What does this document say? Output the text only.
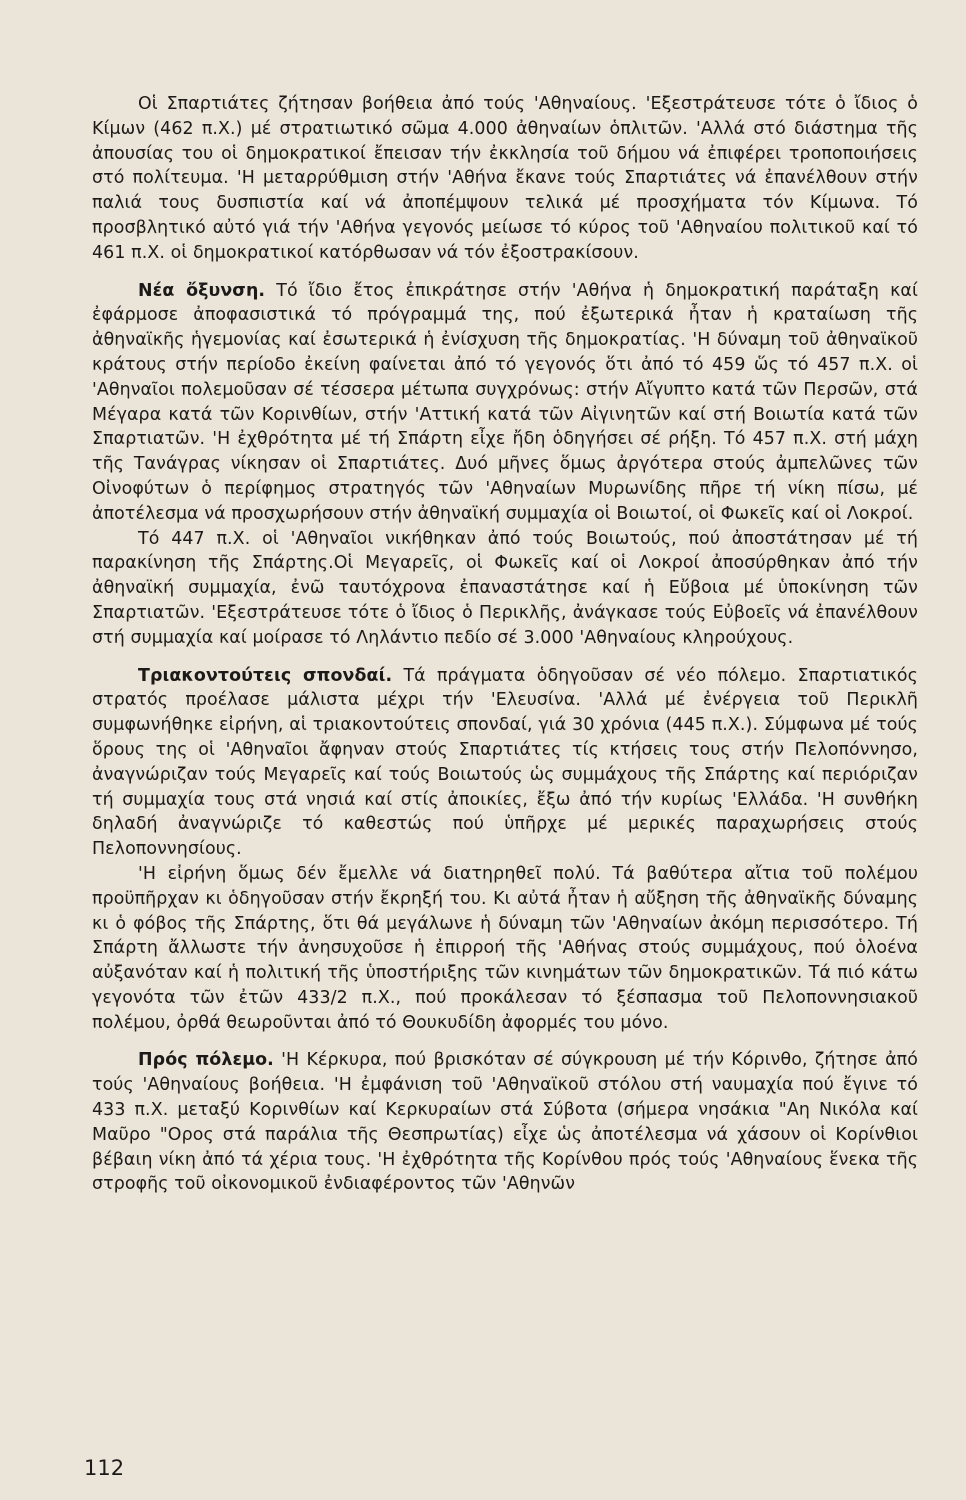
Οἱ Σπαρτιάτες ζήτησαν βοήθεια ἀπό τούς 'Αθηναίους. 'Εξεστράτευσε τότε ὁ ἴδιος ὁ Κίμων (462 π.Χ.) μέ στρατιωτικό σῶμα 4.000 ἀθηναίων ὁπλιτῶν. 'Αλλά στό διάστημα τῆς ἀπουσίας του οἱ δημοκρατικοί ἔπεισαν τήν ἐκκλησία τοῦ δήμου νά ἐπιφέρει τροποποιήσεις στό πολίτευμα. 'Η μεταρρύθμιση στήν 'Αθήνα ἔκανε τούς Σπαρτιάτες νά ἐπανέλθουν στήν παλιά τους δυσπιστία καί νά ἀποπέμψουν τελικά μέ προσχήματα τόν Κίμωνα. Τό προσβλητικό αὐτό γιά τήν 'Αθήνα γεγονός μείωσε τό κύρος τοῦ 'Αθηναίου πολιτικοῦ καί τό 461 π.Χ. οἱ δημοκρατικοί κατόρθωσαν νά τόν ἐξοστρακίσουν.

Νέα ὄξυνση. Τό ἴδιο ἔτος ἐπικράτησε στήν 'Αθήνα ἡ δημοκρατική παράταξη καί ἐφάρμοσε ἀποφασιστικά τό πρόγραμμά της, πού ἐξωτερικά ἦταν ἡ κραταίωση τῆς ἀθηναϊκῆς ἡγεμονίας καί ἐσωτερικά ἡ ἐνίσχυση τῆς δημοκρατίας. 'Η δύναμη τοῦ ἀθηναϊκοῦ κράτους στήν περίοδο ἐκείνη φαίνεται ἀπό τό γεγονός ὅτι ἀπό τό 459 ὥς τό 457 π.Χ. οἱ 'Αθηναῖοι πολεμοῦσαν σέ τέσσερα μέτωπα συγχρόνως: στήν Αἴγυπτο κατά τῶν Περσῶν, στά Μέγαρα κατά τῶν Κορινθίων, στήν 'Αττική κατά τῶν Αἰγινητῶν καί στή Βοιωτία κατά τῶν Σπαρτιατῶν. 'Η ἐχθρότητα μέ τή Σπάρτη εἶχε ἤδη ὁδηγήσει σέ ρήξη. Τό 457 π.Χ. στή μάχη τῆς Τανάγρας νίκησαν οἱ Σπαρτιάτες. Δυό μῆνες ὅμως ἀργότερα στούς ἀμπελῶνες τῶν Οἰνοφύτων ὁ περίφημος στρατηγός τῶν 'Αθηναίων Μυρωνίδης πῆρε τή νίκη πίσω, μέ ἀποτέλεσμα νά προσχωρήσουν στήν ἀθηναϊκή συμμαχία οἱ Βοιωτοί, οἱ Φωκεῖς καί οἱ Λοκροί.

Τό 447 π.Χ. οἱ 'Αθηναῖοι νικήθηκαν ἀπό τούς Βοιωτούς, πού ἀποστάτησαν μέ τή παρακίνηση τῆς Σπάρτης.Οἱ Μεγαρεῖς, οἱ Φωκεῖς καί οἱ Λοκροί ἀποσύρθηκαν ἀπό τήν ἀθηναϊκή συμμαχία, ἐνῶ ταυτόχρονα ἐπαναστάτησε καί ἡ Εὔβοια μέ ὑποκίνηση τῶν Σπαρτιατῶν. 'Εξεστράτευσε τότε ὁ ἴδιος ὁ Περικλῆς, ἀνάγκασε τούς Εὐβοεῖς νά ἐπανέλθουν στή συμμαχία καί μοίρασε τό Ληλάντιο πεδίο σέ 3.000 'Αθηναίους κληρούχους.

Τριακοντούτεις σπονδαί. Τά πράγματα ὁδηγοῦσαν σέ νέο πόλεμο. Σπαρτιατικός στρατός προέλασε μάλιστα μέχρι τήν 'Ελευσίνα. 'Αλλά μέ ἐνέργεια τοῦ Περικλῆ συμφωνήθηκε εἰρήνη, αἱ τριακοντούτεις σπονδαί, γιά 30 χρόνια (445 π.Χ.). Σύμφωνα μέ τούς ὅρους της οἱ 'Αθηναῖοι ἄφηναν στούς Σπαρτιάτες τίς κτήσεις τους στήν Πελοπόννησο, ἀναγνώριζαν τούς Μεγαρεῖς καί τούς Βοιωτούς ὡς συμμάχους τῆς Σπάρτης καί περιόριζαν τή συμμαχία τους στά νησιά καί στίς ἀποικίες, ἔξω ἀπό τήν κυρίως 'Ελλάδα. 'Η συνθήκη δηλαδή ἀναγνώριζε τό καθεστώς πού ὑπῆρχε μέ μερικές παραχωρήσεις στούς Πελοποννησίους.

'Η εἰρήνη ὅμως δέν ἔμελλε νά διατηρηθεῖ πολύ. Τά βαθύτερα αἴτια τοῦ πολέμου προϋπῆρχαν κι ὁδηγοῦσαν στήν ἔκρηξή του. Κι αὐτά ἦταν ἡ αὔξηση τῆς ἀθηναϊκῆς δύναμης κι ὁ φόβος τῆς Σπάρτης, ὅτι θά μεγάλωνε ἡ δύναμη τῶν 'Αθηναίων ἀκόμη περισσότερο. Τή Σπάρτη ἄλλωστε τήν ἀνησυχοῦσε ἡ ἐπιρροή τῆς 'Αθήνας στούς συμμάχους, πού ὁλοένα αὐξανόταν καί ἡ πολιτική τῆς ὑποστήριξης τῶν κινημάτων τῶν δημοκρατικῶν. Τά πιό κάτω γεγονότα τῶν ἐτῶν 433/2 π.Χ., πού προκάλεσαν τό ξέσπασμα τοῦ Πελοποννησιακοῦ πολέμου, ὀρθά θεωροῦνται ἀπό τό Θουκυδίδη ἀφορμές του μόνο.

Πρός πόλεμο. 'Η Κέρκυρα, πού βρισκόταν σέ σύγκρουση μέ τήν Κόρινθο, ζήτησε ἀπό τούς 'Αθηναίους βοήθεια. 'Η ἐμφάνιση τοῦ 'Αθηναϊκοῦ στόλου στή ναυμαχία πού ἔγινε τό 433 π.Χ. μεταξύ Κορινθίων καί Κερκυραίων στά Σύβοτα (σήμερα νησάκια "Αη Νικόλα καί Μαῦρο "Ορος στά παράλια τῆς Θεσπρωτίας) εἶχε ὡς ἀποτέλεσμα νά χάσουν οἱ Κορίνθιοι βέβαιη νίκη ἀπό τά χέρια τους. 'Η ἐχθρότητα τῆς Κορίνθου πρός τούς 'Αθηναίους ἕνεκα τῆς στροφῆς τοῦ οἰκονομικοῦ ἐνδιαφέροντος τῶν 'Αθηνῶν

112
